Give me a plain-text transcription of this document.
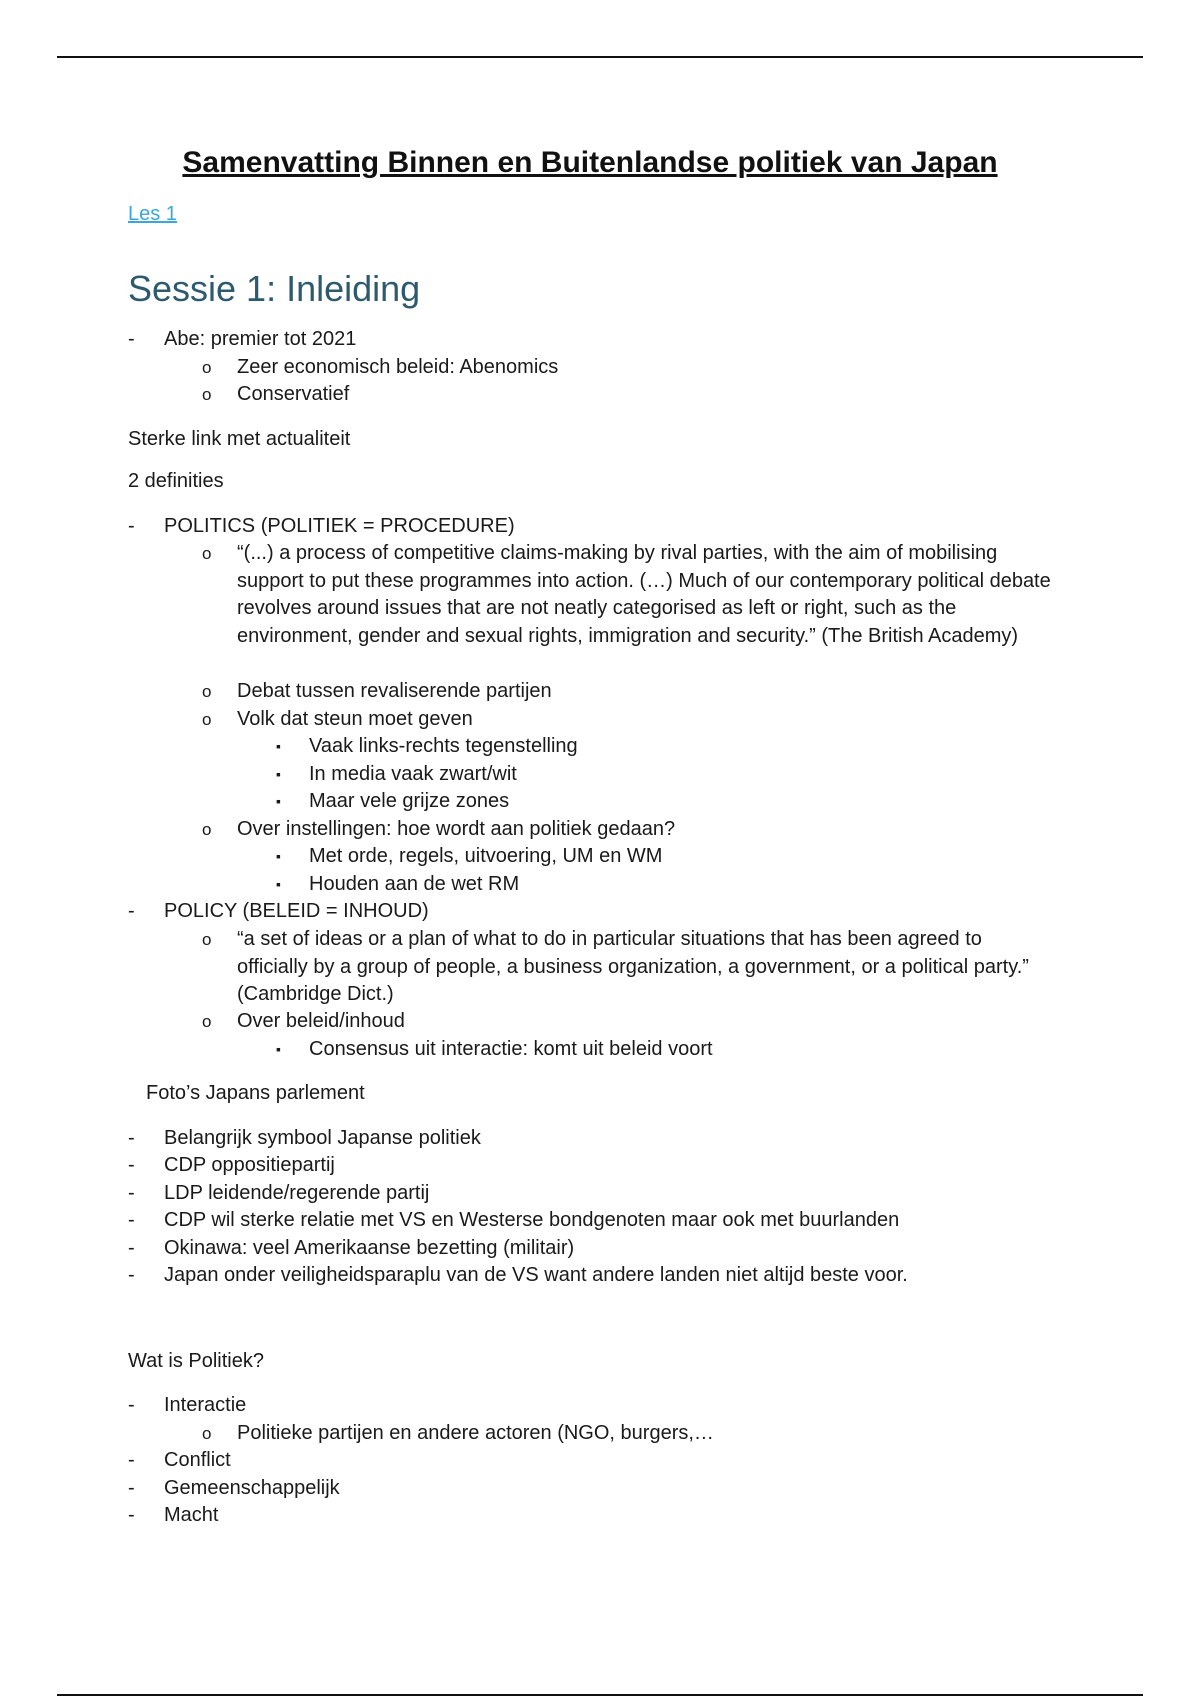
Samenvatting Binnen en Buitenlandse politiek van Japan
Les 1
Sessie 1: Inleiding
- Abe: premier tot 2021
o Zeer economisch beleid: Abenomics
o Conservatief
Sterke link met actualiteit
2 definities
- POLITICS (POLITIEK = PROCEDURE)
o “(...) a process of competitive claims-making by rival parties, with the aim of mobilising support to put these programmes into action. (…) Much of our contemporary political debate revolves around issues that are not neatly categorised as left or right, such as the environment, gender and sexual rights, immigration and security.” (The British Academy)
o Debat tussen revaliserende partijen
o Volk dat steun moet geven
▪ Vaak links-rechts tegenstelling
▪ In media vaak zwart/wit
▪ Maar vele grijze zones
o Over instellingen: hoe wordt aan politiek gedaan?
▪ Met orde, regels, uitvoering, UM en WM
▪ Houden aan de wet RM
- POLICY (BELEID = INHOUD)
o “a set of ideas or a plan of what to do in particular situations that has been agreed to officially by a group of people, a business organization, a government, or a political party.” (Cambridge Dict.)
o Over beleid/inhoud
▪ Consensus uit interactie: komt uit beleid voort
Foto’s Japans parlement
- Belangrijk symbool Japanse politiek
- CDP oppositiepartij
- LDP leidende/regerende partij
- CDP wil sterke relatie met VS en Westerse bondgenoten maar ook met buurlanden
- Okinawa: veel Amerikaanse bezetting (militair)
- Japan onder veiligheidsparaplu van de VS want andere landen niet altijd beste voor.
Wat is Politiek?
- Interactie
o Politieke partijen en andere actoren (NGO, burgers,…
- Conflict
- Gemeenschappelijk
- Macht
